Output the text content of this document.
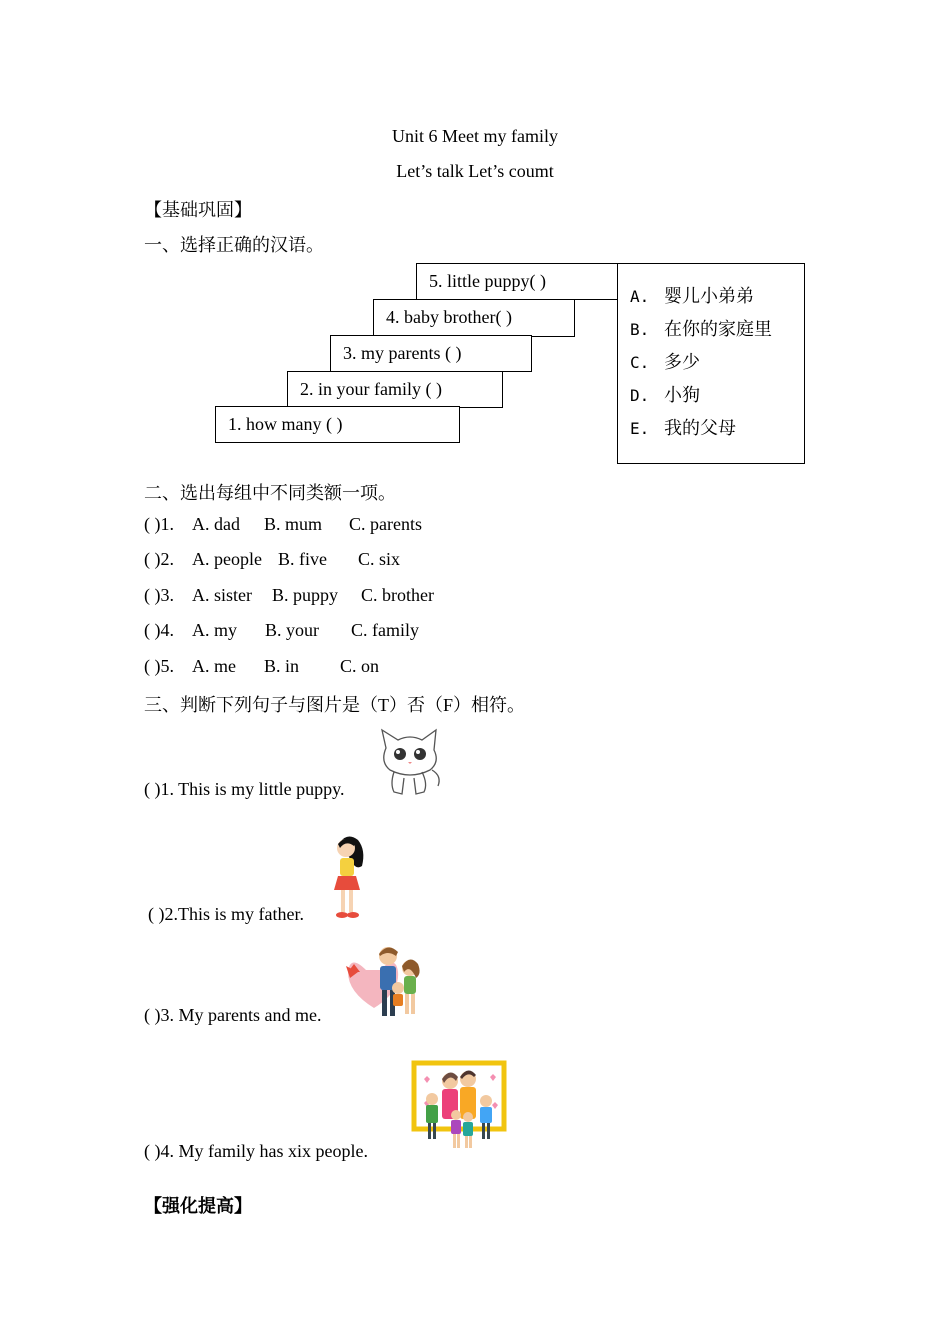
Unit 6 Meet my family
Let’s talk Let’s coumt
【基础巩固】
一、选择正确的汉语。
5. little puppy( )
4. baby brother( )
3. my parents ( )
2. in your family ( )
1. how many ( )
A. 婴儿小弟弟
B. 在你的家庭里
C. 多少
D. 小狗
E. 我的父母
二、选出每组中不同类额一项。
( )1. A. dad B. mum C. parents
( )2. A. people B. five C. six
( )3. A. sister B. puppy C. brother
( )4. A. my B. your C. family
( )5. A. me B. in C. on
三、判断下列句子与图片是（T）否（F）相符。
( )1. This is my little puppy.
( )2.This is my father.
( )3. My parents and me.
( )4. My family has xix people.
【强化提高】
